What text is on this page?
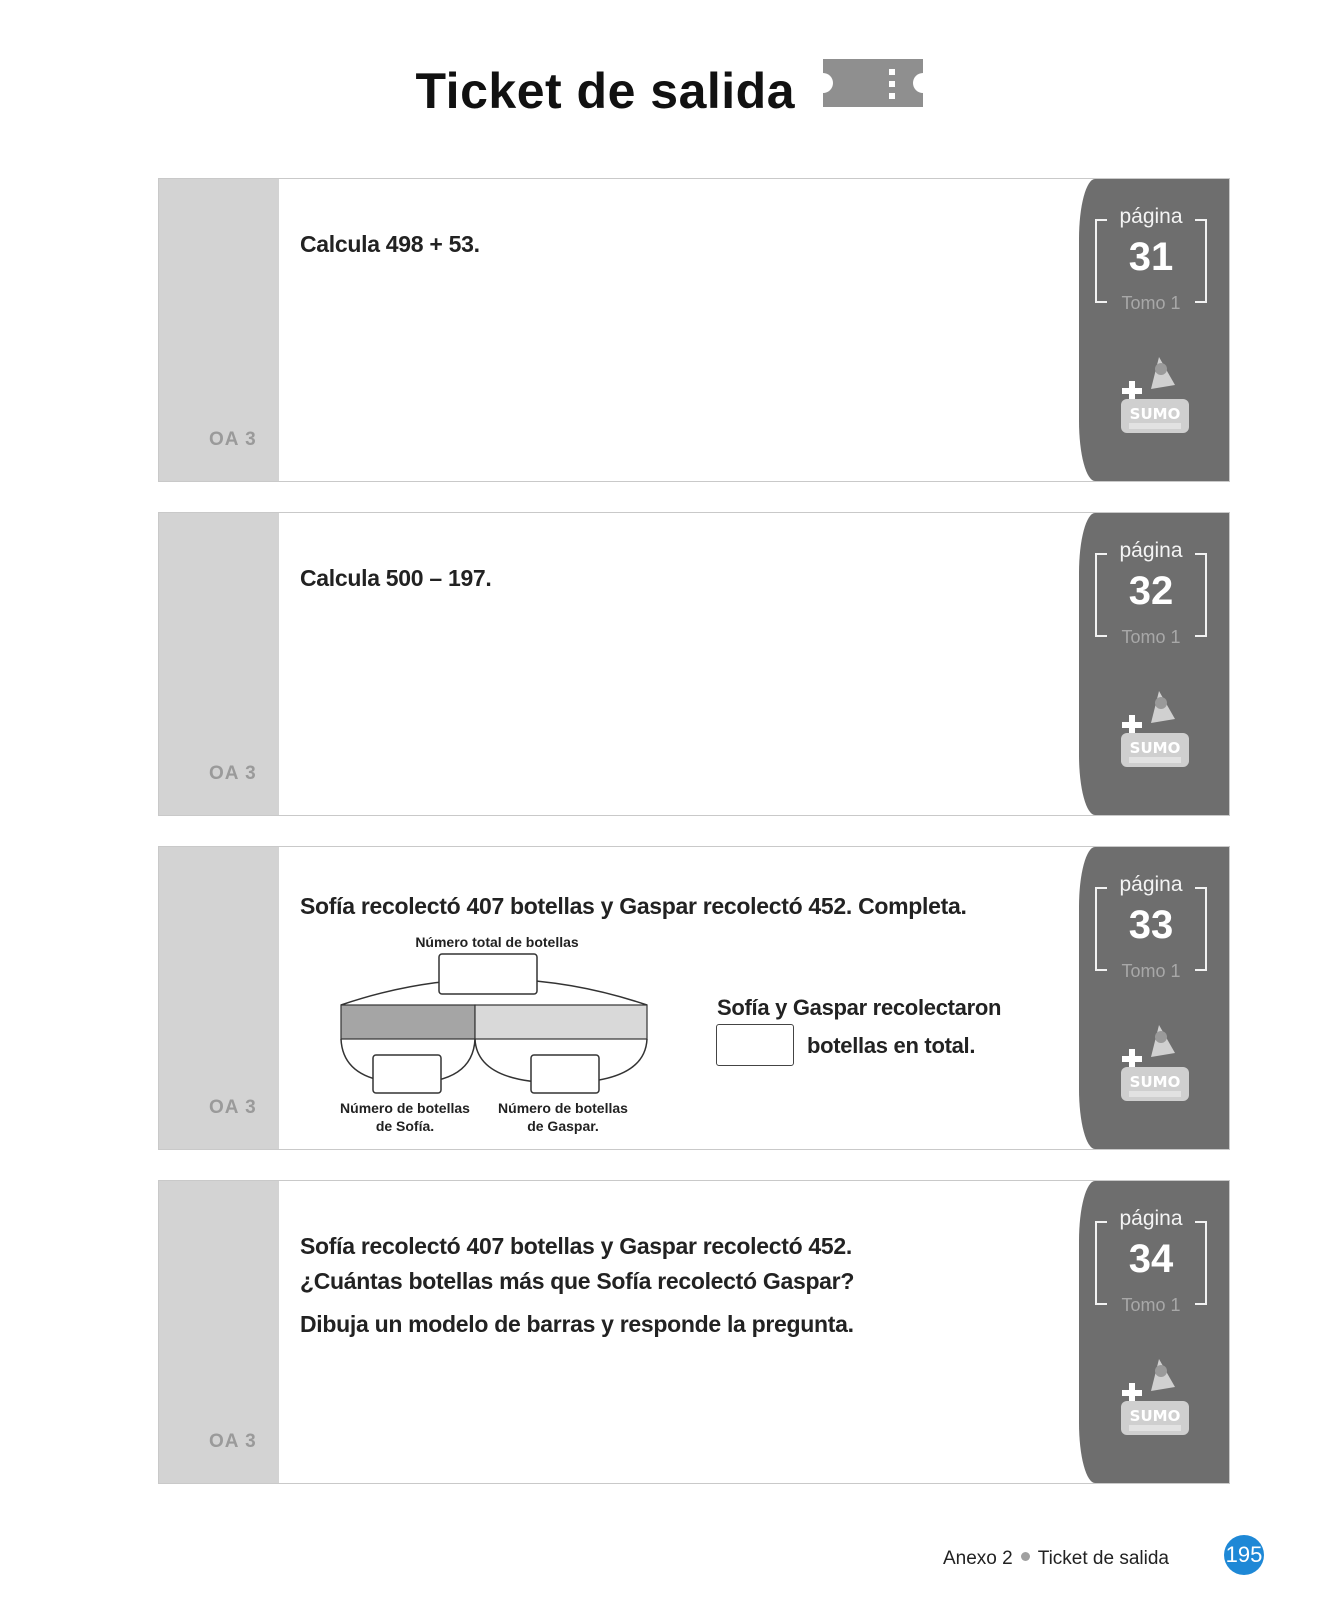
Ticket de salida
OA 3
Calcula 498 + 53.
página
31
Tomo 1
SUMO
OA 3
Calcula 500 – 197.
página
32
Tomo 1
SUMO
OA 3
Sofía recolectó 407 botellas y Gaspar recolectó 452. Completa.
Número total de botellas
Número de botellas
de Sofía.
Número de botellas
de Gaspar.
Sofía y Gaspar recolectaron
botellas en total.
página
33
Tomo 1
SUMO
OA 3
Sofía recolectó 407 botellas y Gaspar recolectó 452.
¿Cuántas botellas más que Sofía recolectó Gaspar?
Dibuja un modelo de barras y responde la pregunta.
página
34
Tomo 1
SUMO
Anexo 2 Ticket de salida	195
